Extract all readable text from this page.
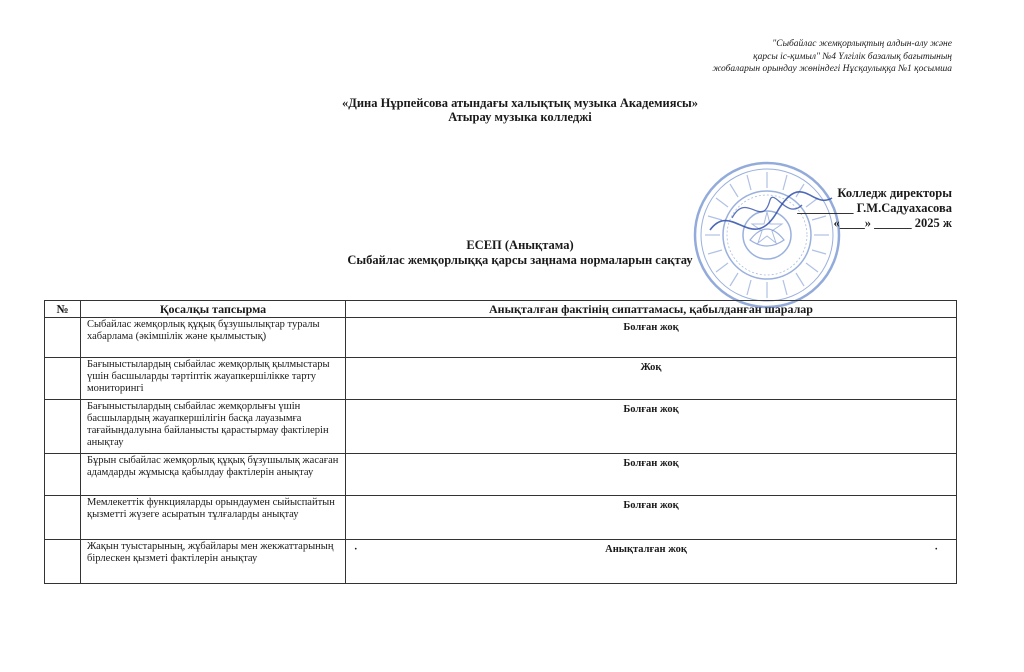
"Сыбайлас жемқорлықтың алдын-алу және
қарсы іс-қимыл" №4 Үлгілік базалық бағытының
жобаларын орындау жөніндегі Нұсқаулыққа №1 қосымша
«Дина Нұрпейсова атындағы халықтық музыка Академиясы»
Атырау музыка колледжі
Колледж директоры
_________ Г.М.Садуахасова
«____» ______ 2025 ж
ЕСЕП (Анықтама)
Сыбайлас жемқорлыққа қарсы заңнама нормаларын сақтау
№	Қосалқы тапсырма	Анықталған фактінің сипаттамасы, қабылданған шаралар
	Сыбайлас жемқорлық құқық бұзушылықтар туралы хабарлама (әкімшілік және қылмыстық)	Болған жоқ
	Бағыныстылардың сыбайлас жемқорлық қылмыстары үшін басшыларды тәртіптік жауапкершілікке тарту мониторингі	Жоқ
	Бағыныстылардың сыбайлас жемқорлығы үшін басшылардың жауапкершілігін басқа лауазымға тағайындалуына байланысты қарастырмау фактілерін анықтау	Болған жоқ
	Бұрын сыбайлас жемқорлық құқық бұзушылық жасаған адамдарды жұмысқа қабылдау фактілерін анықтау	Болған жоқ
	Мемлекеттік функцияларды орындаумен сыйыспайтын қызметті жүзеге асыратын тұлғаларды анықтау	Болған жоқ
	Жақын туыстарының, жұбайлары мен жекжаттарының бірлескен қызметі фактілерін анықтау	· Анықталған жоқ ·
